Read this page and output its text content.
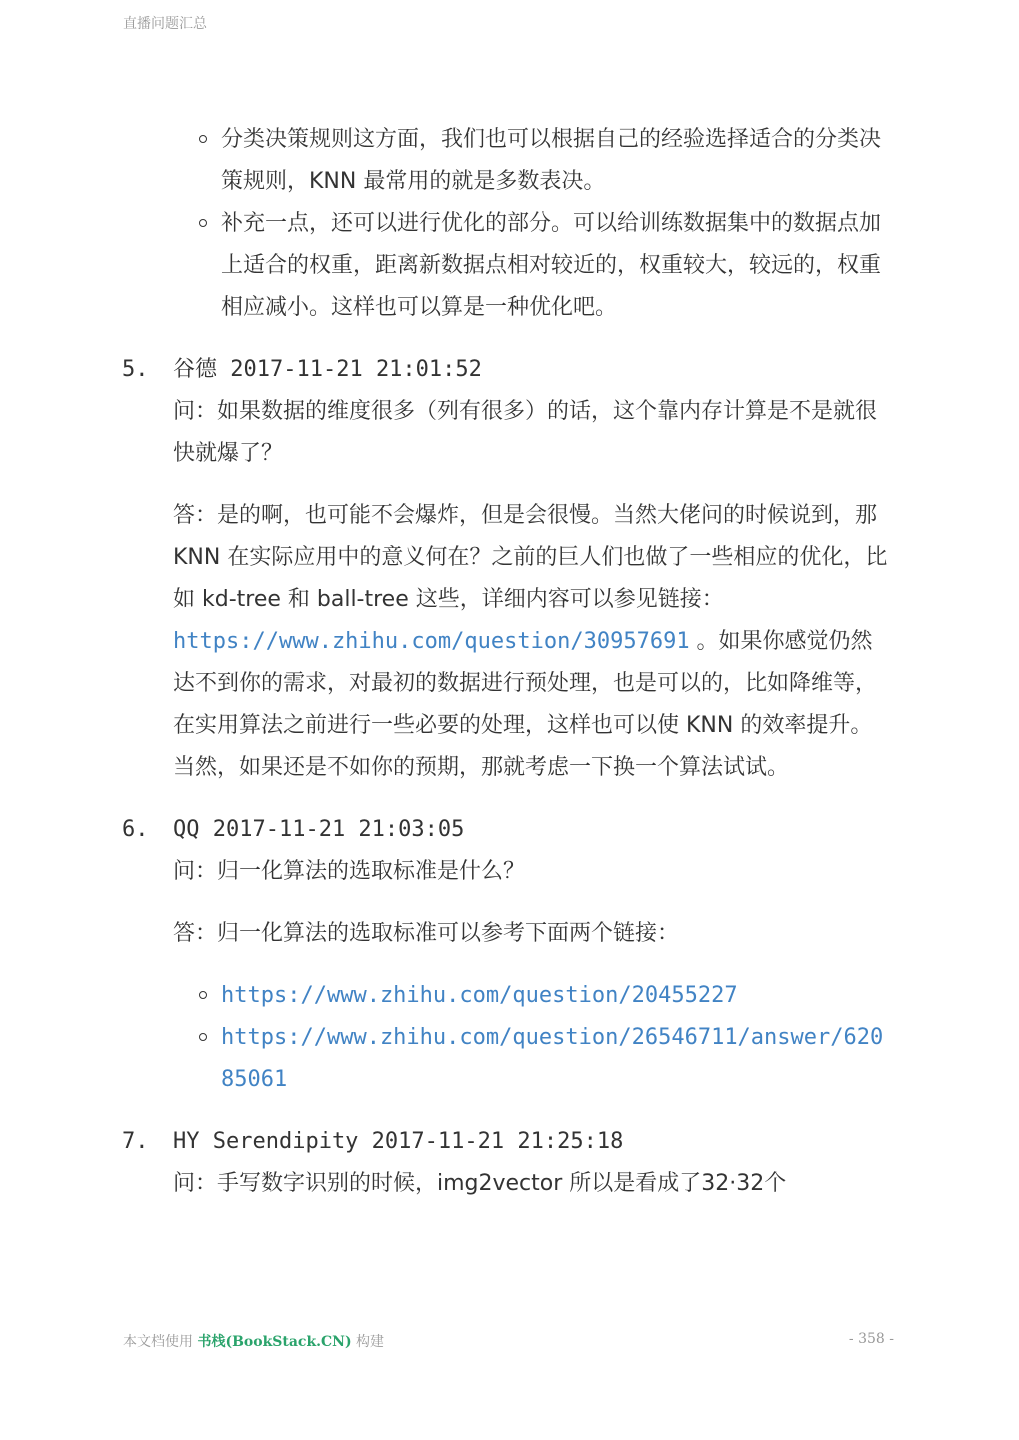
直播问题汇总
分类决策规则这方面，我们也可以根据自己的经验选择适合的分类决策规则，KNN 最常用的就是多数表决。
补充一点，还可以进行优化的部分。可以给训练数据集中的数据点加上适合的权重，距离新数据点相对较近的，权重较大，较远的，权重相应减小。这样也可以算是一种优化吧。
5. 谷德 2017-11-21 21:01:52

问：如果数据的维度很多（列有很多）的话，这个靠内存计算是不是就很快就爆了？

答：是的啊，也可能不会爆炸，但是会很慢。当然大佬问的时候说到，那 KNN 在实际应用中的意义何在？之前的巨人们也做了一些相应的优化，比如 kd-tree 和 ball-tree 这些，详细内容可以参见链接：https://www.zhihu.com/question/30957691 。如果你感觉仍然达不到你的需求，对最初的数据进行预处理，也是可以的，比如降维等，在实用算法之前进行一些必要的处理，这样也可以使 KNN 的效率提升。当然，如果还是不如你的预期，那就考虑一下换一个算法试试。

6. QQ 2017-11-21 21:03:05

问：归一化算法的选取标准是什么？

答：归一化算法的选取标准可以参考下面两个链接：

https://www.zhihu.com/question/20455227
https://www.zhihu.com/question/26546711/answer/62085061
7. HY Serendipity 2017-11-21 21:25:18

问：手写数字识别的时候，img2vector 所以是看成了32·32个

本文档使用 书栈(BookStack.CN) 构建	- 358 -
